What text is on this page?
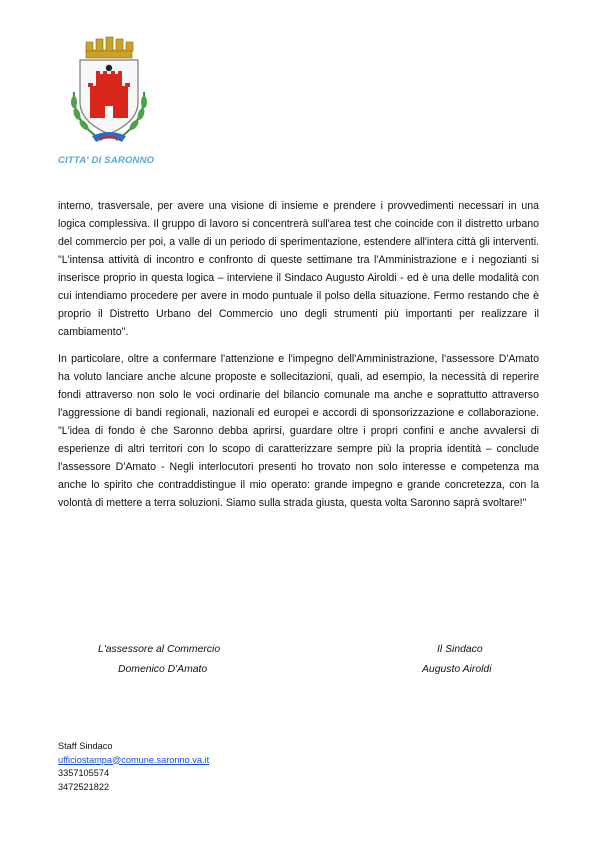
CITTA' DI SARONNO

interno, trasversale, per avere una visione di insieme e prendere i provvedimenti necessari in una logica complessiva. Il gruppo di lavoro si concentrerà sull'area test che coincide con il distretto urbano del commercio per poi, a valle di un periodo di sperimentazione, estendere all'intera città gli interventi. "L'intensa attività di incontro e confronto di queste settimane tra l'Amministrazione e i negozianti si inserisce proprio in questa logica – interviene il Sindaco Augusto Airoldi - ed è una delle modalità con cui intendiamo procedere per avere in modo puntuale il polso della situazione. Fermo restando che è proprio il Distretto Urbano del Commercio uno degli strumenti più importanti per realizzare il cambiamento".

In particolare, oltre a confermare l'attenzione e l'impegno dell'Amministrazione, l'assessore D'Amato ha voluto lanciare anche alcune proposte e sollecitazioni, quali, ad esempio, la necessità di reperire fondi attraverso non solo le voci ordinarie del bilancio comunale ma anche e soprattutto attraverso l'aggressione di bandi regionali, nazionali ed europei e accordi di sponsorizzazione e collaborazione. "L'idea di fondo è che Saronno debba aprirsi, guardare oltre i propri confini e anche avvalersi di esperienze di altri territori con lo scopo di caratterizzare sempre più la propria identità – conclude l'assessore D'Amato - Negli interlocutori presenti ho trovato non solo interesse e competenza ma anche lo spirito che contraddistingue il mio operato: grande impegno e grande concretezza, con la volontà di mettere a terra soluzioni. Siamo sulla strada giusta, questa volta Saronno saprà svoltare!"

L'assessore al Commercio
Domenico D'Amato
Il Sindaco
Augusto Airoldi
Staff Sindaco
ufficiostampa@comune.saronno.va.it
3357105574
3472521822
